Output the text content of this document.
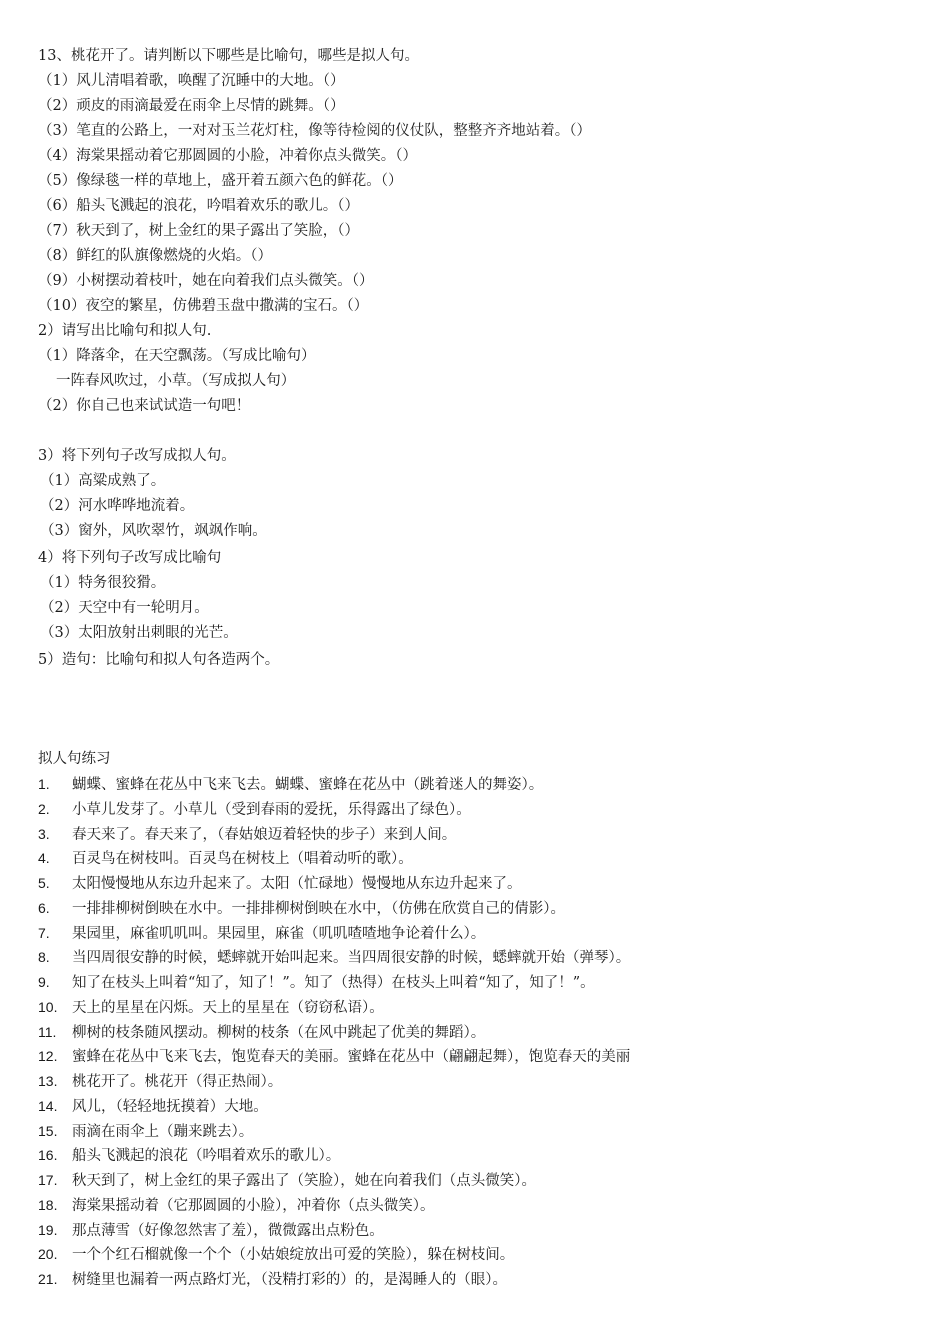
13、桃花开了。请判断以下哪些是比喻句，哪些是拟人句。
（1）风儿清唱着歌，唤醒了沉睡中的大地。（）
（2）顽皮的雨滴最爱在雨伞上尽情的跳舞。（）
（3）笔直的公路上，一对对玉兰花灯柱，像等待检阅的仪仗队，整整齐齐地站着。（）
（4）海棠果摇动着它那圆圆的小脸，冲着你点头微笑。（）
（5）像绿毯一样的草地上，盛开着五颜六色的鲜花。（）
（6）船头飞溅起的浪花，吟唱着欢乐的歌儿。（）
（7）秋天到了，树上金红的果子露出了笑脸，（）
（8）鲜红的队旗像燃烧的火焰。（）
（9）小树摆动着枝叶，她在向着我们点头微笑。（）
（10）夜空的繁星，仿佛碧玉盘中撒满的宝石。（）
2）请写出比喻句和拟人句.
（1）降落伞，在天空飘荡。（写成比喻句）
一阵春风吹过，小草。（写成拟人句）
（2）你自己也来试试造一句吧！
3）将下列句子改写成拟人句。
（1）高粱成熟了。
（2）河水哗哗地流着。
（3）窗外，风吹翠竹，飒飒作响。
4）将下列句子改写成比喻句
（1）特务很狡猾。
（2）天空中有一轮明月。
（3）太阳放射出刺眼的光芒。
5）造句：比喻句和拟人句各造两个。
拟人句练习
1. 蝴蝶、蜜蜂在花丛中飞来飞去。蝴蝶、蜜蜂在花丛中（跳着迷人的舞姿）。
2. 小草儿发芽了。小草儿（受到春雨的爱抚，乐得露出了绿色）。
3. 春天来了。春天来了，（春姑娘迈着轻快的步子）来到人间。
4. 百灵鸟在树枝叫。百灵鸟在树枝上（唱着动听的歌）。
5. 太阳慢慢地从东边升起来了。太阳（忙碌地）慢慢地从东边升起来了。
6. 一排排柳树倒映在水中。一排排柳树倒映在水中，（仿佛在欣赏自己的倩影）。
7. 果园里，麻雀叽叽叫。果园里，麻雀（叽叽喳喳地争论着什么）。
8. 当四周很安静的时候，蟋蟀就开始叫起来。当四周很安静的时候，蟋蟀就开始（弹琴）。
9. 知了在枝头上叫着“知了，知了！”。知了（热得）在枝头上叫着“知了，知了！”。
10. 天上的星星在闪烁。天上的星星在（窃窃私语）。
11. 柳树的枝条随风摆动。柳树的枝条（在风中跳起了优美的舞蹈）。
12. 蜜蜂在花丛中飞来飞去，饱览春天的美丽。蜜蜂在花丛中（翩翩起舞），饱览春天的美丽
13. 桃花开了。桃花开（得正热闹）。
14. 风儿，（轻轻地抚摸着）大地。
15. 雨滴在雨伞上（蹦来跳去）。
16. 船头飞溅起的浪花（吟唱着欢乐的歌儿）。
17. 秋天到了，树上金红的果子露出了（笑脸），她在向着我们（点头微笑）。
18. 海棠果摇动着（它那圆圆的小脸），冲着你（点头微笑）。
19. 那点薄雪（好像忽然害了羞），微微露出点粉色。
20. 一个个红石榴就像一个个（小姑娘绽放出可爱的笑脸），躲在树枝间。
21. 树缝里也漏着一两点路灯光，（没精打彩的）的，是渴睡人的（眼）。
